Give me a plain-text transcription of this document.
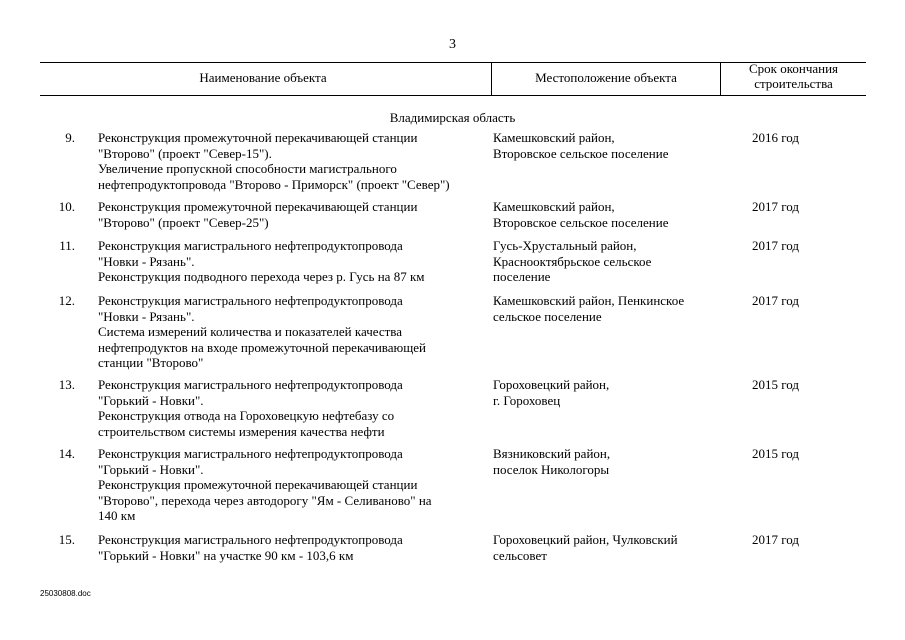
3
Наименование объекта	Местоположение объекта
Срок окончания
строительства
Владимирская область
9. Реконструкция промежуточной перекачивающей станции
"Второво" (проект "Север-15").
Увеличение пропускной способности магистрального
нефтепродуктопровода "Второво - Приморск" (проект "Север")
Камешковский район,
Второвское сельское поселение
2016 год
10. Реконструкция промежуточной перекачивающей станции
"Второво" (проект "Север-25")
Камешковский район,
Второвское сельское поселение
2017 год
11. Реконструкция магистрального нефтепродуктопровода
"Новки - Рязань".
Реконструкция подводного перехода через р. Гусь на 87 км
Гусь-Хрустальный район,
Красноoктябрьское сельское
поселение
2017 год
12. Реконструкция магистрального нефтепродуктопровода
"Новки - Рязань".
Система измерений количества и показателей качества
нефтепродуктов на входе промежуточной перекачивающей
станции "Второво"
Камешковский район, Пенкинское
сельское поселение
2017 год
13. Реконструкция магистрального нефтепродуктопровода
"Горький - Новки".
Реконструкция отвода на Гороховецкую нефтебазу со
строительством системы измерения качества нефти
Гороховецкий район,
г. Гороховец
2015 год
14. Реконструкция магистрального нефтепродуктопровода
"Горький - Новки".
Реконструкция промежуточной перекачивающей станции
"Второво", перехода через автодорогу "Ям - Селиваново" на
140 км
Вязниковский район,
поселок Никологоры
2015 год
15. Реконструкция магистрального нефтепродуктопровода
"Горький - Новки" на участке 90 км - 103,6 км
Гороховецкий район, Чулковский
сельсовет
2017 год
25030808.doc
